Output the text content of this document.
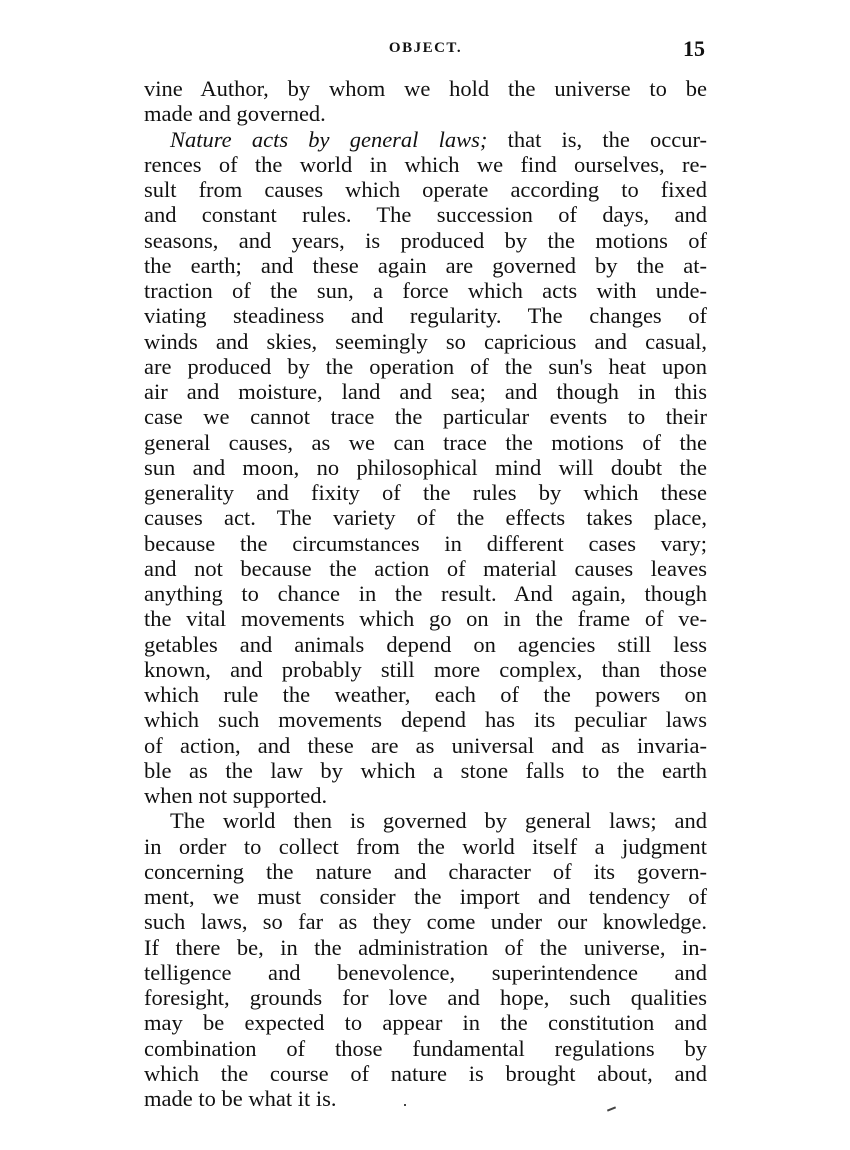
OBJECT.	15
vine Author, by whom we hold the universe to be
made and governed.
Nature acts by general laws; that is, the occur-
rences of the world in which we find ourselves, re-
sult from causes which operate according to fixed
and constant rules. The succession of days, and
seasons, and years, is produced by the motions of
the earth; and these again are governed by the at-
traction of the sun, a force which acts with unde-
viating steadiness and regularity. The changes of
winds and skies, seemingly so capricious and casual,
are produced by the operation of the sun's heat upon
air and moisture, land and sea; and though in this
case we cannot trace the particular events to their
general causes, as we can trace the motions of the
sun and moon, no philosophical mind will doubt the
generality and fixity of the rules by which these
causes act. The variety of the effects takes place,
because the circumstances in different cases vary;
and not because the action of material causes leaves
anything to chance in the result. And again, though
the vital movements which go on in the frame of ve-
getables and animals depend on agencies still less
known, and probably still more complex, than those
which rule the weather, each of the powers on
which such movements depend has its peculiar laws
of action, and these are as universal and as invaria-
ble as the law by which a stone falls to the earth
when not supported.
The world then is governed by general laws; and
in order to collect from the world itself a judgment
concerning the nature and character of its govern-
ment, we must consider the import and tendency of
such laws, so far as they come under our knowledge.
If there be, in the administration of the universe, in-
telligence and benevolence, superintendence and
foresight, grounds for love and hope, such qualities
may be expected to appear in the constitution and
combination of those fundamental regulations by
which the course of nature is brought about, and
made to be what it is.
